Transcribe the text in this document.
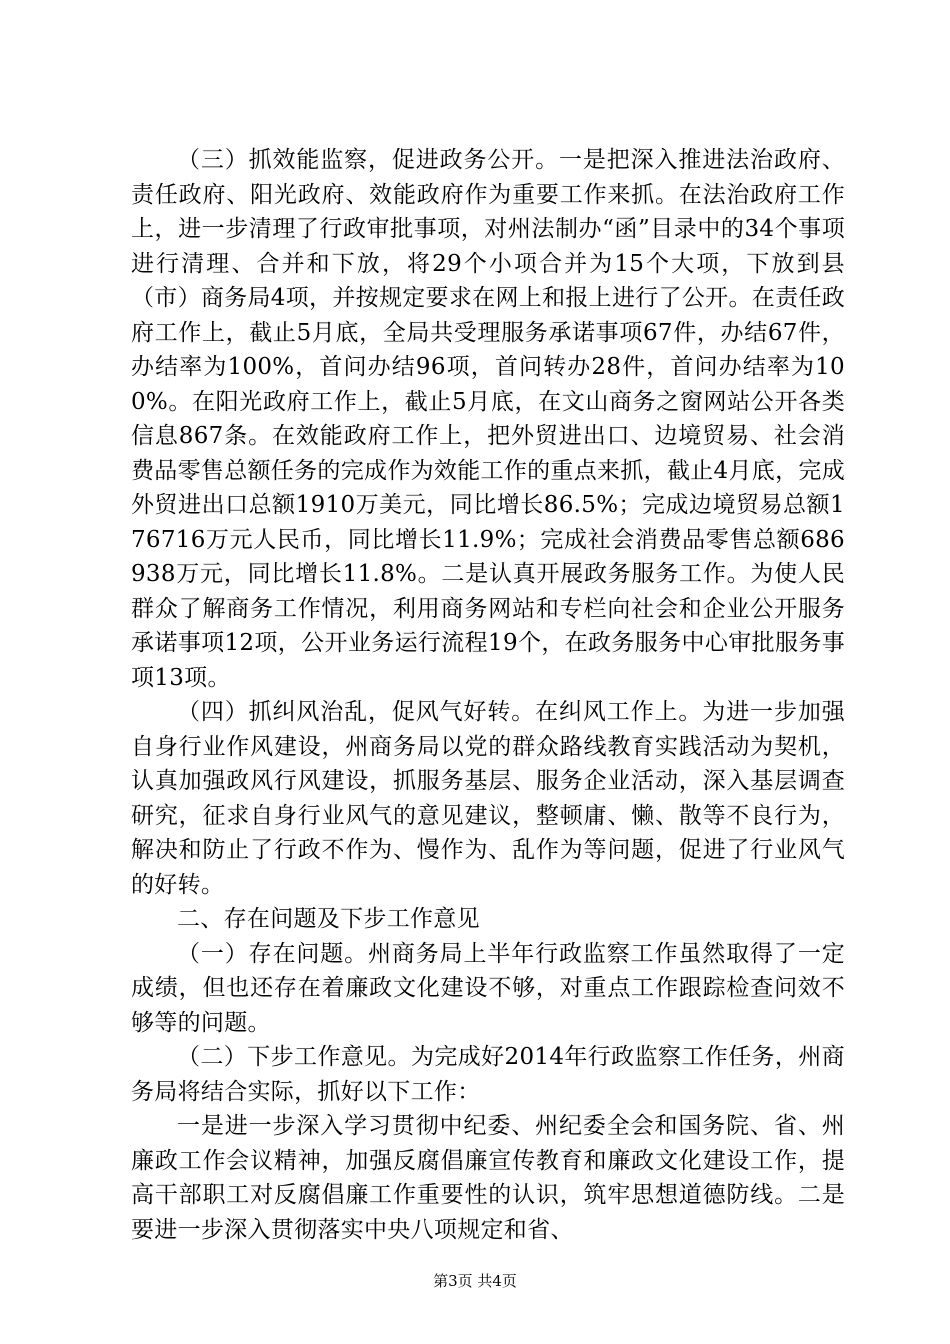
（三）抓效能监察，促进政务公开。一是把深入推进法治政府、责任政府、阳光政府、效能政府作为重要工作来抓。在法治政府工作上，进一步清理了行政审批事项，对州法制办“函”目录中的34个事项进行清理、合并和下放，将29个小项合并为15个大项，下放到县（市）商务局4项，并按规定要求在网上和报上进行了公开。在责任政府工作上，截止5月底，全局共受理服务承诺事项67件，办结67件，办结率为100%，首问办结96项，首问转办28件，首问办结率为100%。在阳光政府工作上，截止5月底，在文山商务之窗网站公开各类信息867条。在效能政府工作上，把外贸进出口、边境贸易、社会消费品零售总额任务的完成作为效能工作的重点来抓，截止4月底，完成外贸进出口总额1910万美元，同比增长86.5%；完成边境贸易总额176716万元人民币，同比增长11.9%；完成社会消费品零售总额686938万元，同比增长11.8%。二是认真开展政务服务工作。为使人民群众了解商务工作情况，利用商务网站和专栏向社会和企业公开服务承诺事项12项，公开业务运行流程19个，在政务服务中心审批服务事项13项。

（四）抓纠风治乱，促风气好转。在纠风工作上。为进一步加强自身行业作风建设，州商务局以党的群众路线教育实践活动为契机，认真加强政风行风建设，抓服务基层、服务企业活动，深入基层调查研究，征求自身行业风气的意见建议，整顿庸、懒、散等不良行为，解决和防止了行政不作为、慢作为、乱作为等问题，促进了行业风气的好转。

二、存在问题及下步工作意见

（一）存在问题。州商务局上半年行政监察工作虽然取得了一定成绩，但也还存在着廉政文化建设不够，对重点工作跟踪检查问效不够等的问题。

（二）下步工作意见。为完成好2014年行政监察工作任务，州商务局将结合实际，抓好以下工作：

一是进一步深入学习贯彻中纪委、州纪委全会和国务院、省、州廉政工作会议精神，加强反腐倡廉宣传教育和廉政文化建设工作，提高干部职工对反腐倡廉工作重要性的认识，筑牢思想道德防线。二是要进一步深入贯彻落实中央八项规定和省、

第3页 共4页
